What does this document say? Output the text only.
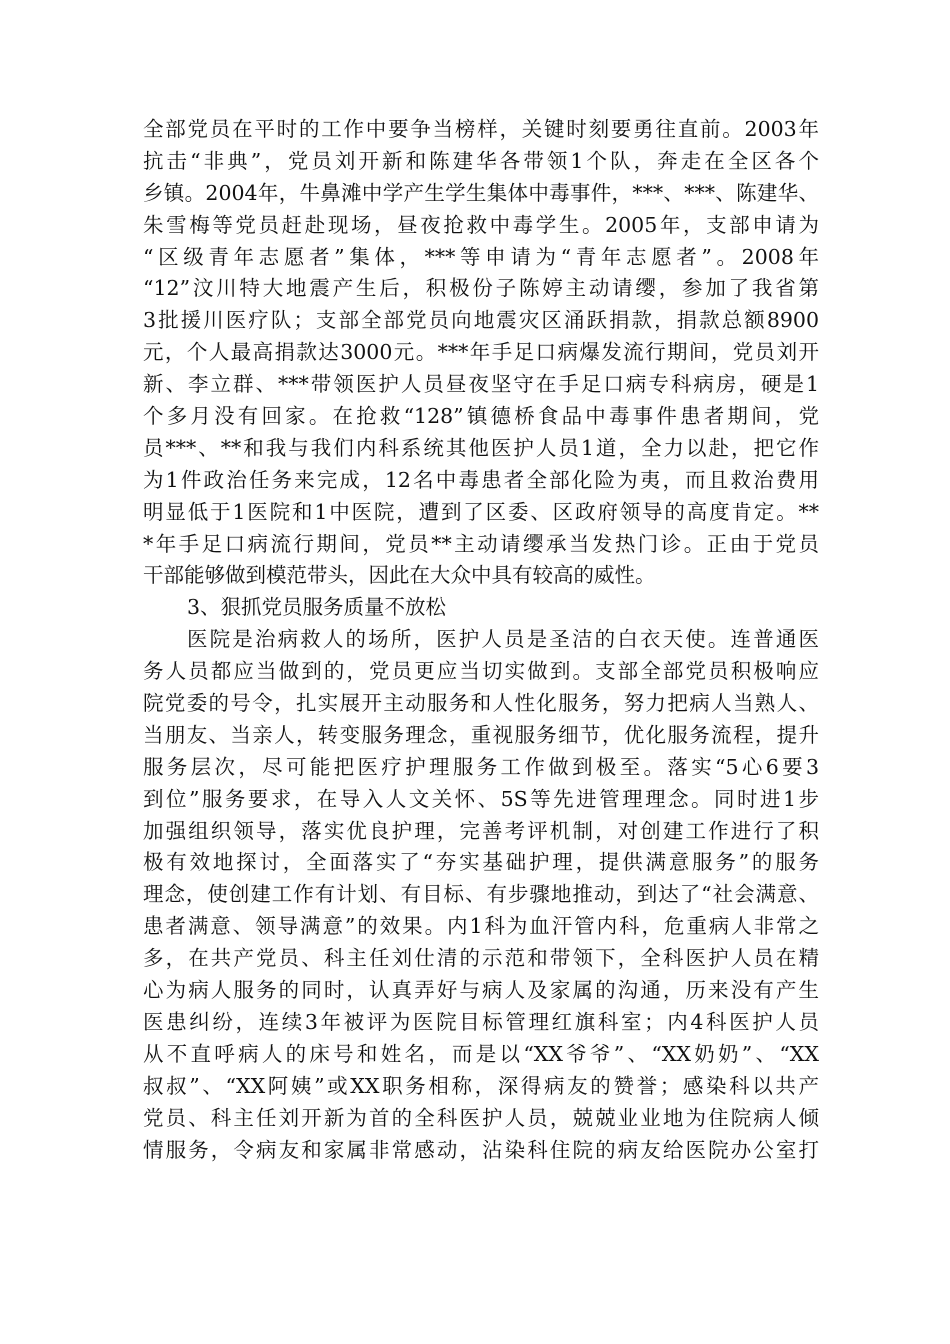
全部党员在平时的工作中要争当榜样，关键时刻要勇往直前。2003年
抗击“非典”，党员刘开新和陈建华各带领1个队，奔走在全区各个
乡镇。2004年，牛鼻滩中学产生学生集体中毒事件，***、***、陈建华、
朱雪梅等党员赶赴现场，昼夜抢救中毒学生。2005年，支部申请为
“区级青年志愿者”集体，***等申请为“青年志愿者”。2008年
“12”汶川特大地震产生后，积极份子陈婷主动请缨，参加了我省第
3批援川医疗队；支部全部党员向地震灾区涌跃捐款，捐款总额8900
元，个人最高捐款达3000元。***年手足口病爆发流行期间，党员刘开
新、李立群、***带领医护人员昼夜坚守在手足口病专科病房，硬是1
个多月没有回家。在抢救“128”镇德桥食品中毒事件患者期间，党
员***、**和我与我们内科系统其他医护人员1道，全力以赴，把它作
为1件政治任务来完成，12名中毒患者全部化险为夷，而且救治费用
明显低于1医院和1中医院，遭到了区委、区政府领导的高度肯定。**
*年手足口病流行期间，党员**主动请缨承当发热门诊。正由于党员
干部能够做到模范带头，因此在大众中具有较高的威性。
3、狠抓党员服务质量不放松
医院是治病救人的场所，医护人员是圣洁的白衣天使。连普通医
务人员都应当做到的，党员更应当切实做到。支部全部党员积极响应
院党委的号令，扎实展开主动服务和人性化服务，努力把病人当熟人、
当朋友、当亲人，转变服务理念，重视服务细节，优化服务流程，提升
服务层次，尽可能把医疗护理服务工作做到极至。落实“5心6要3
到位”服务要求，在导入人文关怀、5S等先进管理理念。同时进1步
加强组织领导，落实优良护理，完善考评机制，对创建工作进行了积
极有效地探讨，全面落实了“夯实基础护理，提供满意服务”的服务
理念，使创建工作有计划、有目标、有步骤地推动，到达了“社会满意、
患者满意、领导满意”的效果。内1科为血汗管内科，危重病人非常之
多，在共产党员、科主任刘仕清的示范和带领下，全科医护人员在精
心为病人服务的同时，认真弄好与病人及家属的沟通，历来没有产生
医患纠纷，连续3年被评为医院目标管理红旗科室；内4科医护人员
从不直呼病人的床号和姓名，而是以“XX爷爷”、“XX奶奶”、“XX
叔叔”、“XX阿姨”或XX职务相称，深得病友的赞誉；感染科以共产
党员、科主任刘开新为首的全科医护人员，兢兢业业地为住院病人倾
情服务，令病友和家属非常感动，沾染科住院的病友给医院办公室打
